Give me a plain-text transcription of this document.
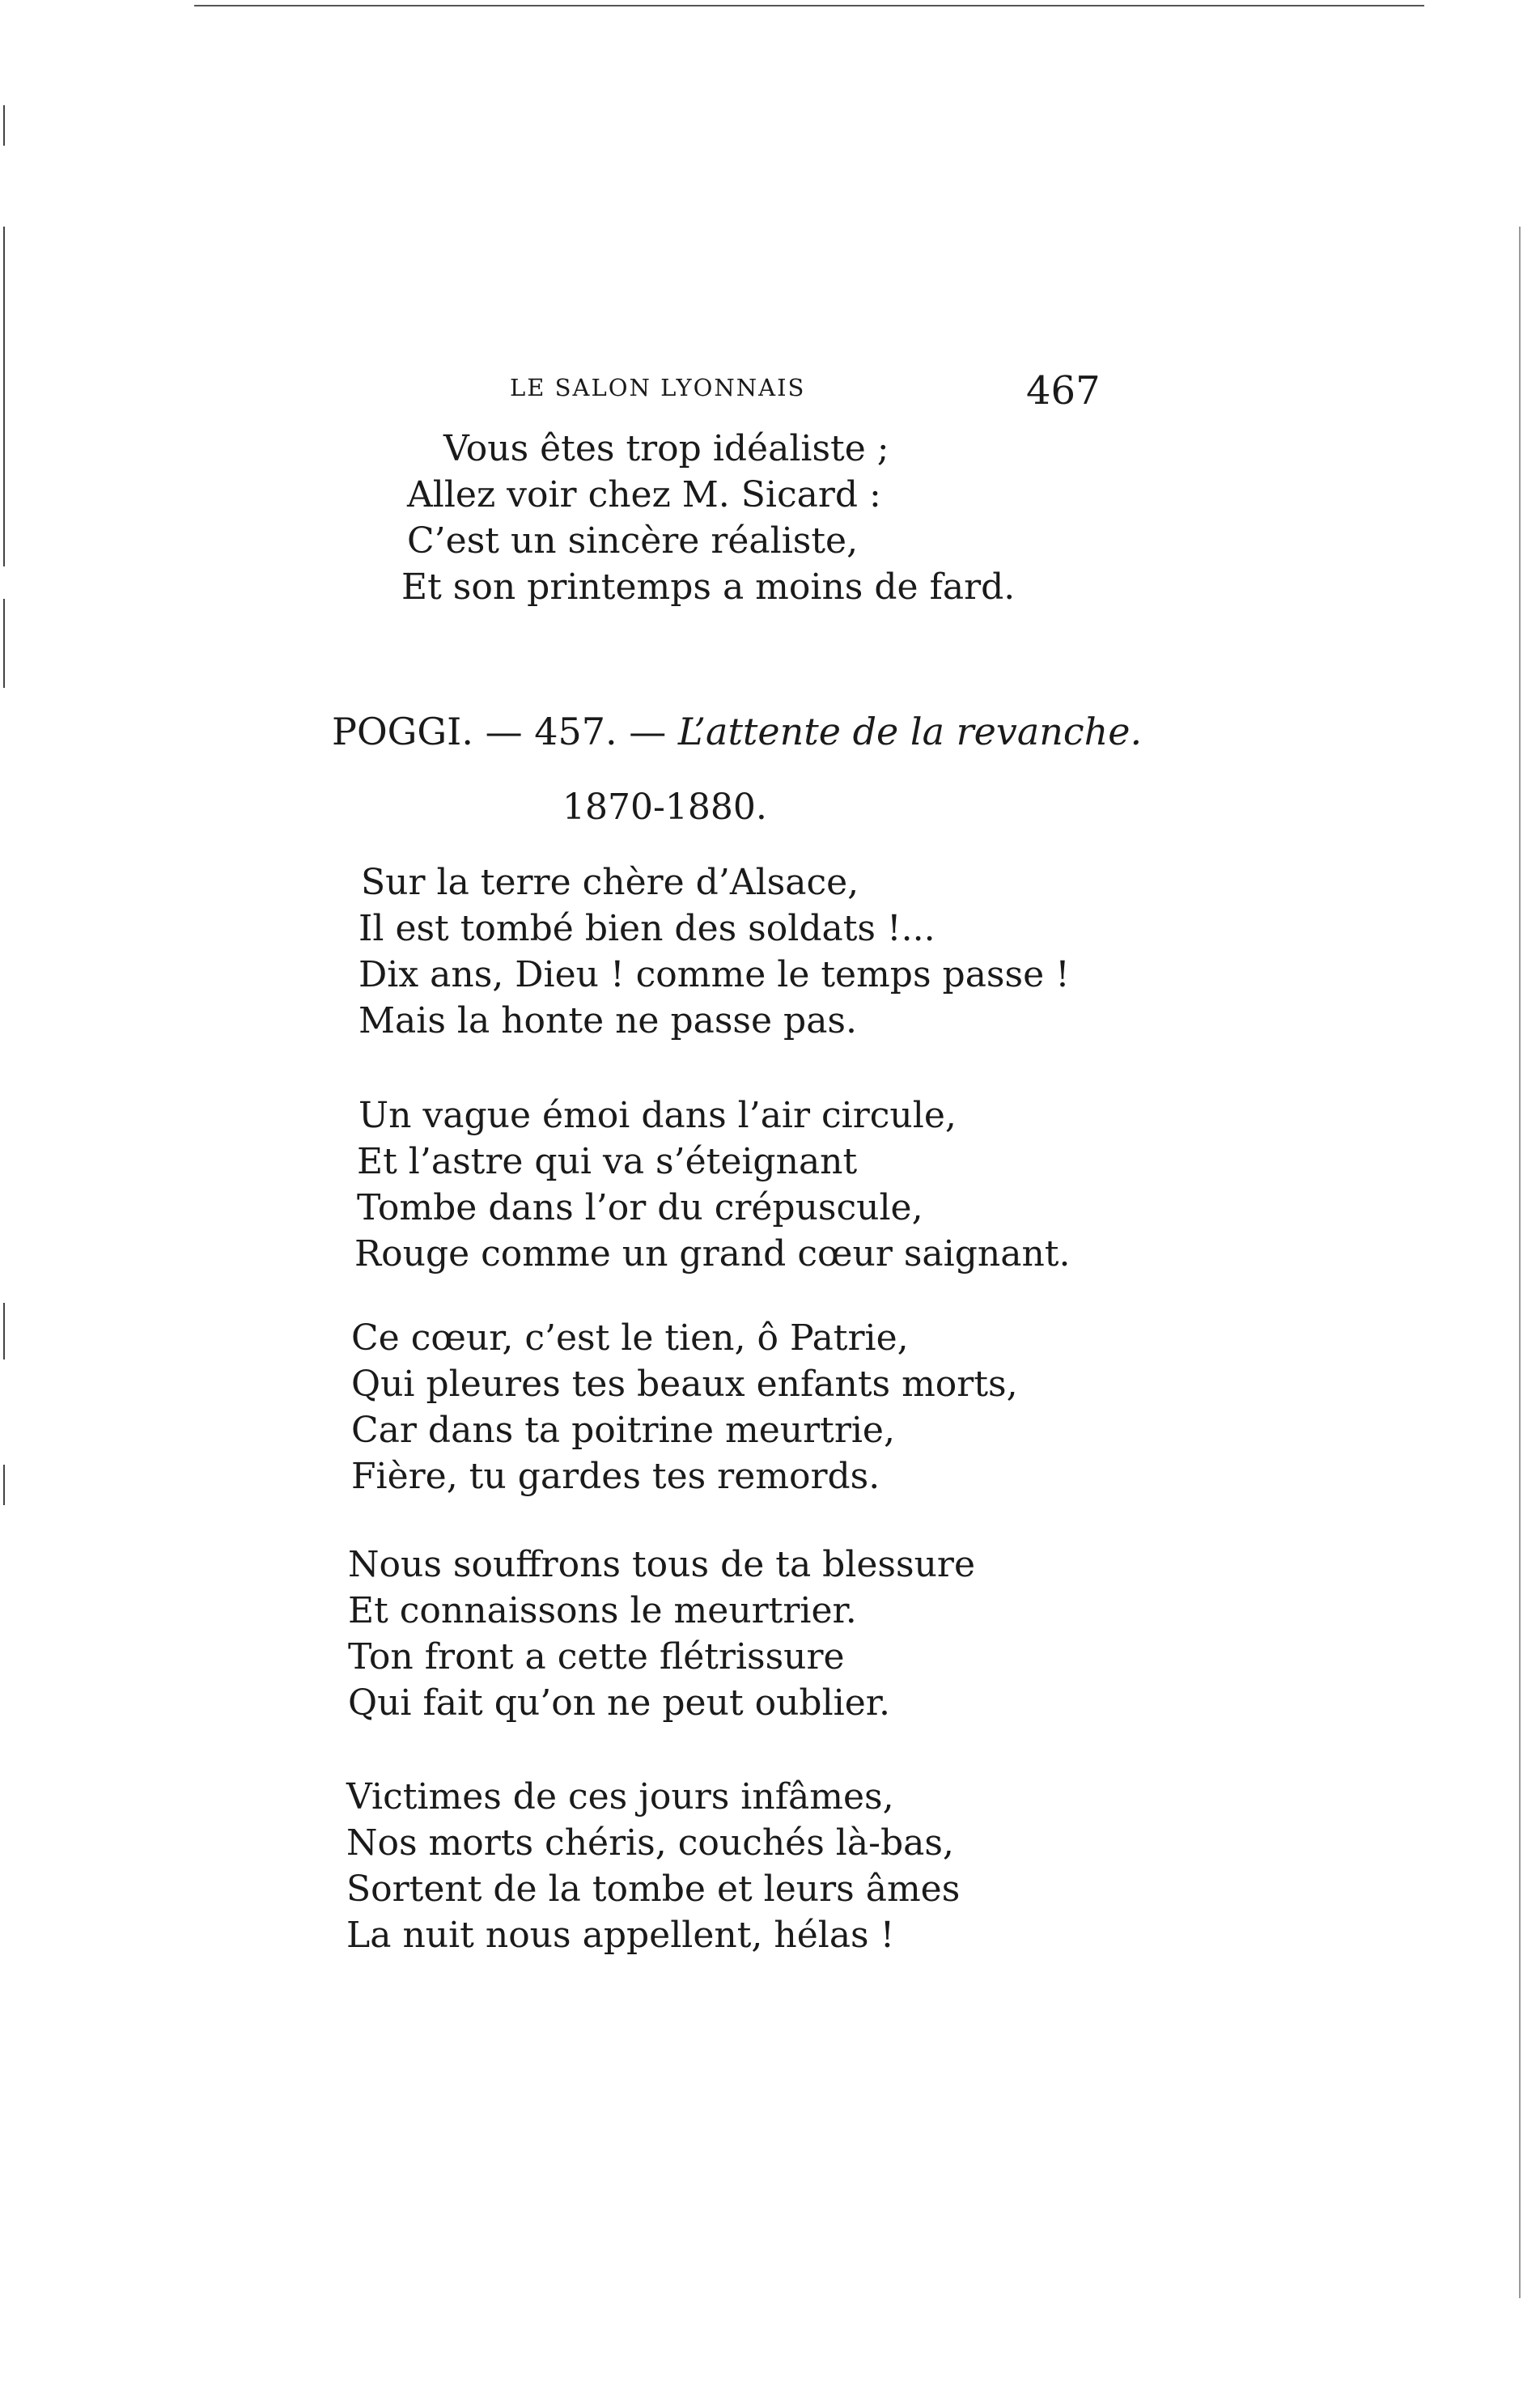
LE SALON LYONNAIS	467
Vous êtes trop idéaliste ;
Allez voir chez M. Sicard :
C’est un sincère réaliste,
Et son printemps a moins de fard.
POGGI. — 457. — L’attente de la revanche.
1870-1880.
Sur la terre chère d’Alsace,
Il est tombé bien des soldats !...
Dix ans, Dieu ! comme le temps passe !
Mais la honte ne passe pas.
Un vague émoi dans l’air circule,
Et l’astre qui va s’éteignant
Tombe dans l’or du crépuscule,
Rouge comme un grand cœur saignant.
Ce cœur, c’est le tien, ô Patrie,
Qui pleures tes beaux enfants morts,
Car dans ta poitrine meurtrie,
Fière, tu gardes tes remords.
Nous souffrons tous de ta blessure
Et connaissons le meurtrier.
Ton front a cette flétrissure
Qui fait qu’on ne peut oublier.
Victimes de ces jours infâmes,
Nos morts chéris, couchés là-bas,
Sortent de la tombe et leurs âmes
La nuit nous appellent, hélas !
